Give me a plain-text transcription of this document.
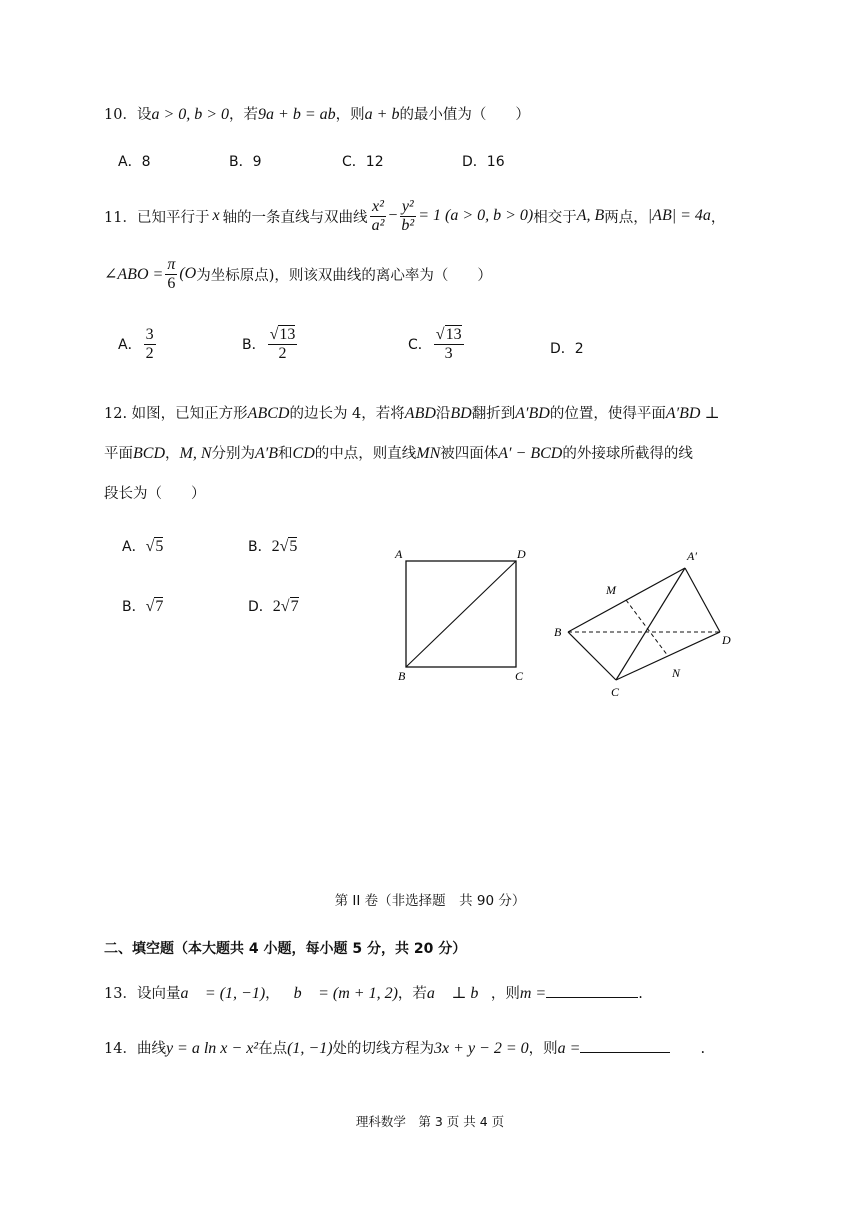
10．设a > 0, b > 0，若9a + b = ab，则a + b的最小值为（　　）
A．8	B．9	C．12	D．16
11．已知平行于 x 轴的一条直线与双曲线 $\frac{\text{x²}}{\text{a²}} - \frac{\text{y²}}{\text{b²}} = 1$ (a > 0, b > 0) 相交于 A, B 两点， |AB| = 4a ，
∠ABO = $\frac{\pi}{6} (O$ 为坐标原点) ，则该双曲线的离心率为（　　）
A． $\frac{3}{2}$	B． $\frac{√13}{2}$	C． $\frac{√13}{3}$	D．2
12. 如图，已知正方形ABCD的边长为 4，若将ABD沿BD翻折到A′BD的位置，使得平面A′BD ⊥
平面BCD，M, N分别为A′B和CD的中点，则直线MN被四面体A′ − BCD的外接球所截得的线
段长为（　　）
A．√5	B．2√5
B．√7	D．2√7
A	D
B	C
A′
B
C
D
M
N
第 II 卷（非选择题　共 90 分）
二、填空题（本大题共 4 小题，每小题 5 分，共 20 分）
13．设向量a⃗ = (1, −1)， b⃗ = (m + 1, 2)，若a⃗ ⊥ b⃗，则m =	.
14．曲线y = a ln x − x²在点(1, −1)处的切线方程为3x + y − 2 = 0，则a =	.
理科数学　第 3 页 共 4 页
